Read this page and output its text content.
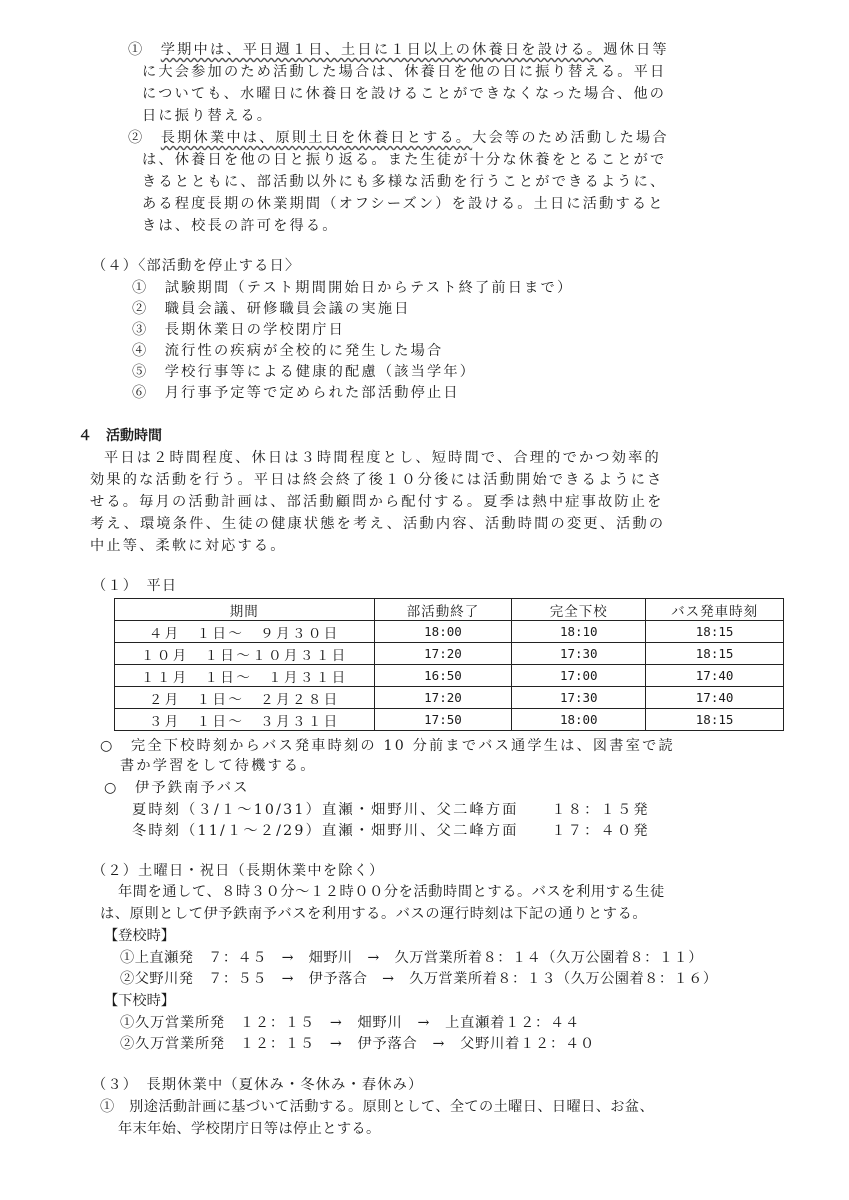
①　 学期中は、平日週１日、土日に１日以上の休養日を設ける。週休日等
に大会参加のため活動した場合は、休養日を他の日に振り替える。平日
についても、水曜日に休養日を設けることができなくなった場合、他の
日に振り替える。
②　 長期休業中は、原則土日を休養日とする。大会等のため活動した場合
は、休養日を他の日と振り返る。また生徒が十分な休養をとることがで
きるとともに、部活動以外にも多様な活動を行うことができるように、
ある程度長期の休業期間（オフシーズン）を設ける。土日に活動すると
きは、校長の許可を得る。
（４）〈部活動を停止する日〉
①　試験期間（テスト期間開始日からテスト終了前日まで）
②　職員会議、研修職員会議の実施日
③　長期休業日の学校閉庁日
④　流行性の疾病が全校的に発生した場合
⑤　学校行事等による健康的配慮（該当学年）
⑥　月行事予定等で定められた部活動停止日
４　活動時間
平日は２時間程度、休日は３時間程度とし、短時間で、合理的でかつ効率的
効果的な活動を行う。平日は終会終了後１０分後には活動開始できるようにさ
せる。毎月の活動計画は、部活動顧問から配付する。夏季は熱中症事故防止を
考え、環境条件、生徒の健康状態を考え、活動内容、活動時間の変更、活動の
中止等、柔軟に対応する。
（１）　平日
期間	部活動終了	完全下校	バス発車時刻
４月　１日～　９月３０日	18:00	18:10	18:15
１０月　１日～１０月３１日	17:20	17:30	18:15
１１月　１日～　１月３１日	16:50	17:00	17:40
２月　１日～　２月２８日	17:20	17:30	17:40
３月　１日～　３月３１日	17:50	18:00	18:15
○　完全下校時刻からバス発車時刻の 10 分前までバス通学生は、図書室で読
書か学習をして待機する。
○　伊予鉄南予バス
夏時刻（３/１～10/31）直瀬・畑野川、父二峰方面　　１８：１５発
冬時刻（11/１～２/29）直瀬・畑野川、父二峰方面　　１７：４０発
（２）土曜日・祝日（長期休業中を除く）
年間を通して、８時３０分～１２時００分を活動時間とする。バスを利用する生徒
は、原則として伊予鉄南予バスを利用する。バスの運行時刻は下記の通りとする。
【登校時】
①上直瀬発　７：４５　→　畑野川　→　久万営業所着８：１４（久万公園着８：１１）
②父野川発　７：５５　→　伊予落合　→　久万営業所着８：１３（久万公園着８：１６）
【下校時】
①久万営業所発　１２：１５　→　畑野川　→　上直瀬着１２：４４
②久万営業所発　１２：１５　→　伊予落合　→　父野川着１２：４０
（３）　長期休業中（夏休み・冬休み・春休み）
①　別途活動計画に基づいて活動する。原則として、全ての土曜日、日曜日、お盆、
年末年始、学校閉庁日等は停止とする。
